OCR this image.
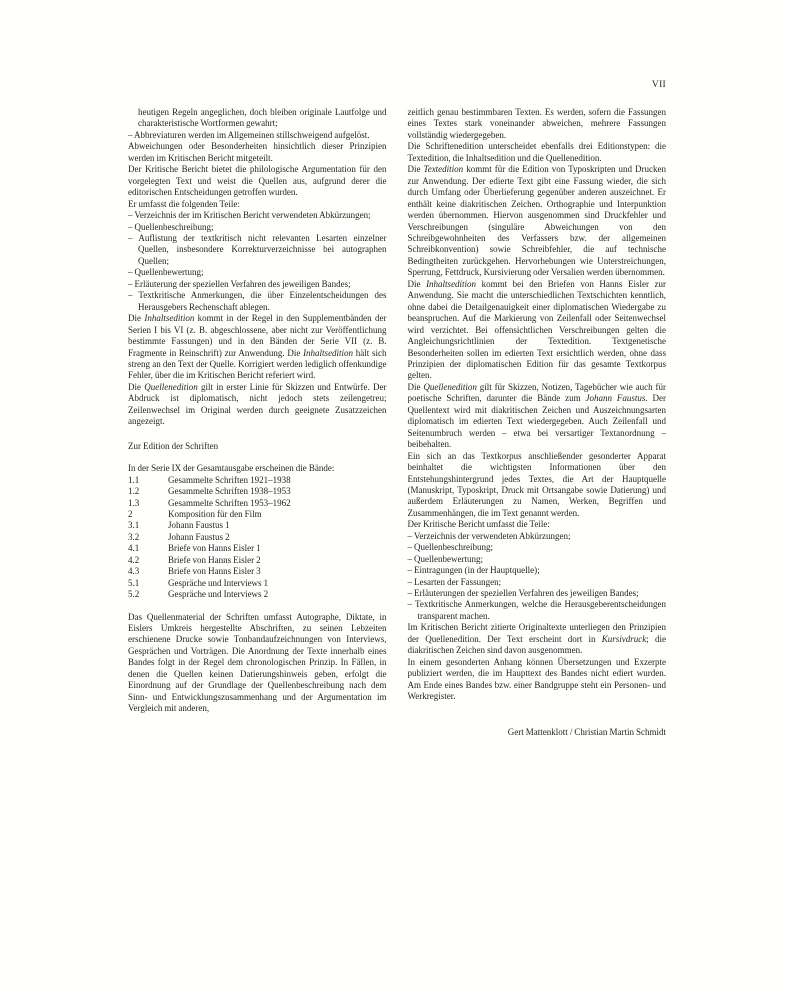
VII
heutigen Regeln angeglichen, doch bleiben originale Lautfolge und charakteristische Wortformen gewahrt;
– Abbreviaturen werden im Allgemeinen stillschweigend aufgelöst.
Abweichungen oder Besonderheiten hinsichtlich dieser Prinzipien werden im Kritischen Bericht mitgeteilt.
Der Kritische Bericht bietet die philologische Argumentation für den vorgelegten Text und weist die Quellen aus, aufgrund derer die editorischen Entscheidungen getroffen wurden.
Er umfasst die folgenden Teile:
– Verzeichnis der im Kritischen Bericht verwendeten Abkürzungen;
– Quellenbeschreibung;
– Auflistung der textkritisch nicht relevanten Lesarten einzelner Quellen, insbesondere Korrekturverzeichnisse bei autographen Quellen;
– Quellenbewertung;
– Erläuterung der speziellen Verfahren des jeweiligen Bandes;
– Textkritische Anmerkungen, die über Einzelentscheidungen des Herausgebers Rechenschaft ablegen.
Die Inhaltsedition kommt in der Regel in den Supplementbänden der Serien I bis VI (z. B. abgeschlossene, aber nicht zur Veröffentlichung bestimmte Fassungen) und in den Bänden der Serie VII (z. B. Fragmente in Reinschrift) zur Anwendung. Die Inhaltsedition hält sich streng an den Text der Quelle. Korrigiert werden lediglich offenkundige Fehler, über die im Kritischen Bericht referiert wird.
Die Quellenedition gilt in erster Linie für Skizzen und Entwürfe. Der Abdruck ist diplomatisch, nicht jedoch stets zeilengetreu; Zeilenwechsel im Original werden durch geeignete Zusatzzeichen angezeigt.
Zur Edition der Schriften
In der Serie IX der Gesamtausgabe erscheinen die Bände:
1.1	Gesammelte Schriften 1921–1938
1.2	Gesammelte Schriften 1938–1953
1.3	Gesammelte Schriften 1953–1962
2	Komposition für den Film
3.1	Johann Faustus 1
3.2	Johann Faustus 2
4.1	Briefe von Hanns Eisler 1
4.2	Briefe von Hanns Eisler 2
4.3	Briefe von Hanns Eisler 3
5.1	Gespräche und Interviews 1
5.2	Gespräche und Interviews 2
Das Quellenmaterial der Schriften umfasst Autographe, Diktate, in Eislers Umkreis hergestellte Abschriften, zu seinen Lebzeiten erschienene Drucke sowie Tonbandaufzeichnungen von Interviews, Gesprächen und Vorträgen. Die Anordnung der Texte innerhalb eines Bandes folgt in der Regel dem chronologischen Prinzip. In Fällen, in denen die Quellen keinen Datierungshinweis geben, erfolgt die Einordnung auf der Grundlage der Quellenbeschreibung nach dem Sinn- und Entwicklungszusammenhang und der Argumentation im Vergleich mit anderen,
zeitlich genau bestimmbaren Texten. Es werden, sofern die Fassungen eines Textes stark voneinander abweichen, mehrere Fassungen vollständig wiedergegeben.
Die Schriftenedition unterscheidet ebenfalls drei Editionstypen: die Textedition, die Inhaltsedition und die Quellenedition.
Die Textedition kommt für die Edition von Typoskripten und Drucken zur Anwendung. Der edierte Text gibt eine Fassung wieder, die sich durch Umfang oder Überlieferung gegenüber anderen auszeichnet. Er enthält keine diakritischen Zeichen. Orthographie und Interpunktion werden übernommen. Hiervon ausgenommen sind Druckfehler und Verschreibungen (singuläre Abweichungen von den Schreibgewohnheiten des Verfassers bzw. der allgemeinen Schreibkonvention) sowie Schreibfehler, die auf technische Bedingtheiten zurückgehen. Hervorhebungen wie Unterstreichungen, Sperrung, Fettdruck, Kursivierung oder Versalien werden übernommen.
Die Inhaltsedition kommt bei den Briefen von Hanns Eisler zur Anwendung. Sie macht die unterschiedlichen Textschichten kenntlich, ohne dabei die Detailgenauigkeit einer diplomatischen Wiedergabe zu beanspruchen. Auf die Markierung von Zeilenfall oder Seitenwechsel wird verzichtet. Bei offensichtlichen Verschreibungen gelten die Angleichungsrichtlinien der Textedition. Textgenetische Besonderheiten sollen im edierten Text ersichtlich werden, ohne dass Prinzipien der diplomatischen Edition für das gesamte Textkorpus gelten.
Die Quellenedition gilt für Skizzen, Notizen, Tagebücher wie auch für poetische Schriften, darunter die Bände zum Johann Faustus. Der Quellentext wird mit diakritischen Zeichen und Auszeichnungsarten diplomatisch im edierten Text wiedergegeben. Auch Zeilenfall und Seitenumbruch werden – etwa bei versartiger Textanordnung – beibehalten.
Ein sich an das Textkorpus anschließender gesonderter Apparat beinhaltet die wichtigsten Informationen über den Entstehungshintergrund jedes Textes, die Art der Hauptquelle (Manuskript, Typoskript, Druck mit Ortsangabe sowie Datierung) und außerdem Erläuterungen zu Namen, Werken, Begriffen und Zusammenhängen, die im Text genannt werden.
Der Kritische Bericht umfasst die Teile:
– Verzeichnis der verwendeten Abkürzungen;
– Quellenbeschreibung;
– Quellenbewertung;
– Eintragungen (in der Hauptquelle);
– Lesarten der Fassungen;
– Erläuterungen der speziellen Verfahren des jeweiligen Bandes;
– Textkritische Anmerkungen, welche die Herausgeberentscheidungen transparent machen.
Im Kritischen Bericht zitierte Originaltexte unterliegen den Prinzipien der Quellenedition. Der Text erscheint dort in Kursivdruck; die diakritischen Zeichen sind davon ausgenommen.
In einem gesonderten Anhang können Übersetzungen und Exzerpte publiziert werden, die im Haupttext des Bandes nicht ediert wurden. Am Ende eines Bandes bzw. einer Bandgruppe steht ein Personen- und Werkregister.
Gert Mattenklott / Christian Martin Schmidt
